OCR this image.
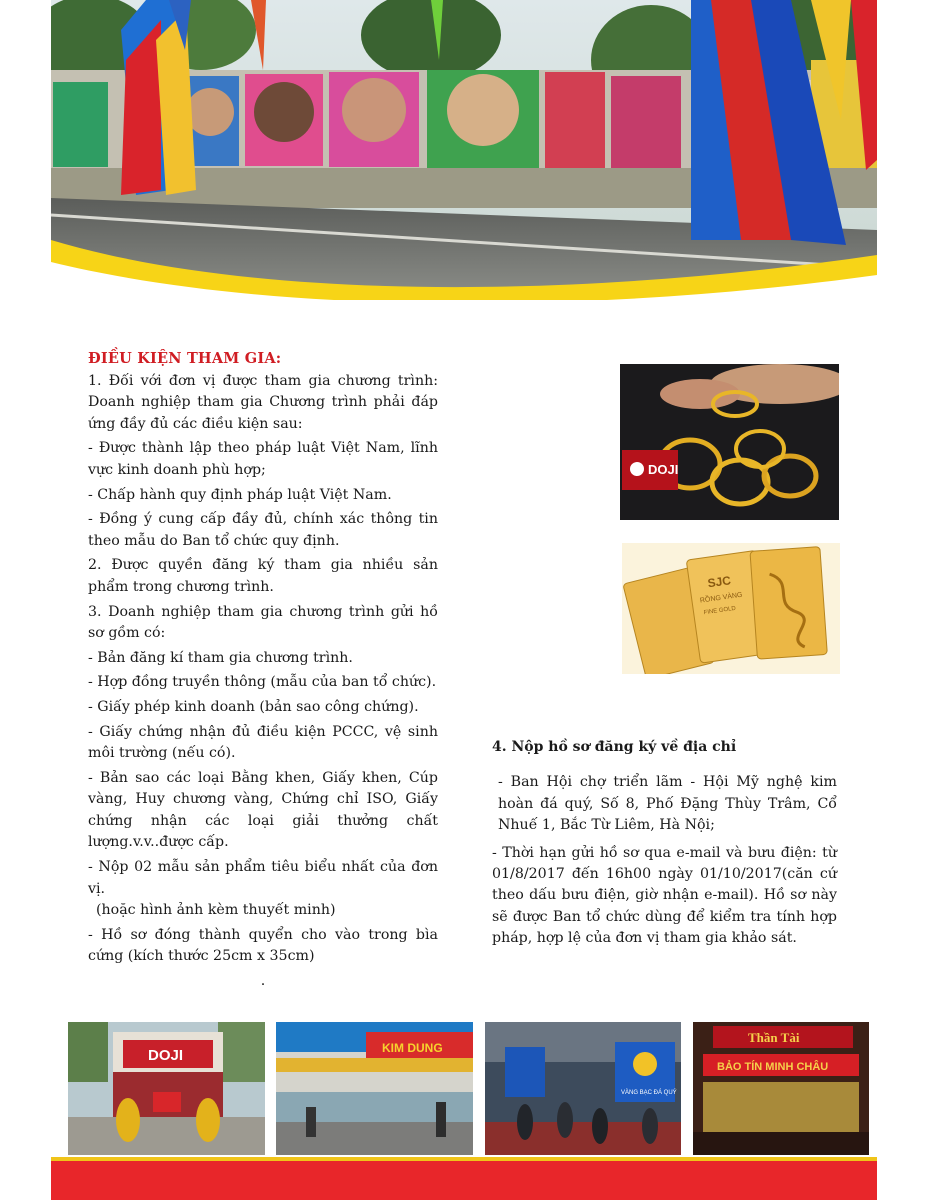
ĐIỀU KIỆN THAM GIA:

1. Đối với đơn vị được tham gia chương trình: Doanh nghiệp tham gia Chương trình phải đáp ứng đầy đủ các điều kiện sau:

- Được thành lập theo pháp luật Việt Nam, lĩnh vực kinh doanh phù hợp;

- Chấp hành quy định pháp luật Việt Nam.

- Đồng ý cung cấp đầy đủ, chính xác thông tin theo mẫu do Ban tổ chức quy định.

2. Được quyền đăng ký tham gia nhiều sản phẩm trong chương trình.

3. Doanh nghiệp tham gia chương trình gửi hồ sơ gồm có:

- Bản đăng kí tham gia chương trình.

- Hợp đồng truyền thông (mẫu của ban tổ chức).

- Giấy phép kinh doanh (bản sao công chứng).

- Giấy chứng nhận đủ điều kiện PCCC, vệ sinh môi trường (nếu có).

- Bản sao các loại Bằng khen, Giấy khen, Cúp vàng, Huy chương vàng, Chứng chỉ ISO, Giấy chứng nhận các loại giải thưởng chất lượng.v.v..được cấp.

- Nộp 02 mẫu sản phẩm tiêu biểu nhất của đơn vị.

(hoặc hình ảnh kèm thuyết minh)

- Hồ sơ đóng thành quyển cho vào trong bìa cứng (kích thước 25cm x 35cm)

.

DOJI
SJC
RỒNG VÀNG
FINE GOLD
4. Nộp hồ sơ đăng ký về địa chỉ

- Ban Hội chợ triển lãm - Hội Mỹ nghệ kim hoàn đá quý, Số 8, Phố Đặng Thùy Trâm, Cổ Nhuế 1, Bắc Từ Liêm, Hà Nội;

- Thời hạn gửi hồ sơ qua e-mail và bưu điện: từ 01/8/2017 đến 16h00 ngày 01/10/2017(căn cứ theo dấu bưu điện, giờ nhận e-mail). Hồ sơ này sẽ được Ban tổ chức dùng để kiểm tra tính hợp pháp, hợp lệ của đơn vị tham gia khảo sát.

DOJI	KIM DUNG
VÀNG BẠC ĐÁ QUÝ
Thần Tài
BẢO TÍN MINH CHÂU
